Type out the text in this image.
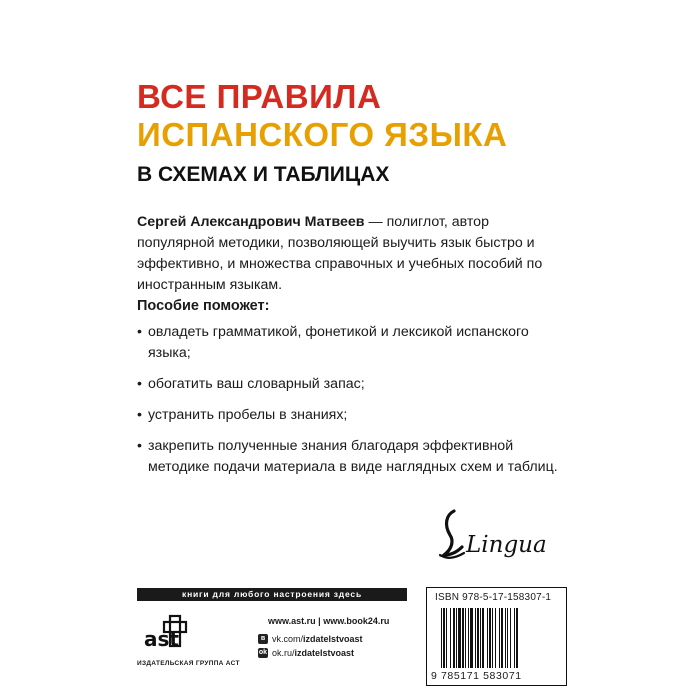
ВСЕ ПРАВИЛА
ИСПАНСКОГО ЯЗЫКА
В СХЕМАХ И ТАБЛИЦАХ
Сергей Александрович Матвеев — полиглот, автор популярной методики, позволяющей выучить язык быстро и эффективно, и множества справочных и учебных пособий по иностранным языкам.
Пособие поможет:
• овладеть грамматикой, фонетикой и лексикой испанского языка;
• обогатить ваш словарный запас;
• устранить пробелы в знаниях;
• закрепить полученные знания благодаря эффективной методике подачи материала в виде наглядных схем и таблиц.
Lingua
книги для любого настроения здесь
ast
ИЗДАТЕЛЬСКАЯ ГРУППА АСТ
www.ast.ru | www.book24.ru
в vk.com/ izdatelstvoast
ok ok.ru/ izdatelstvoast
ISBN 978-5-17-158307-1
9 785171 583071
